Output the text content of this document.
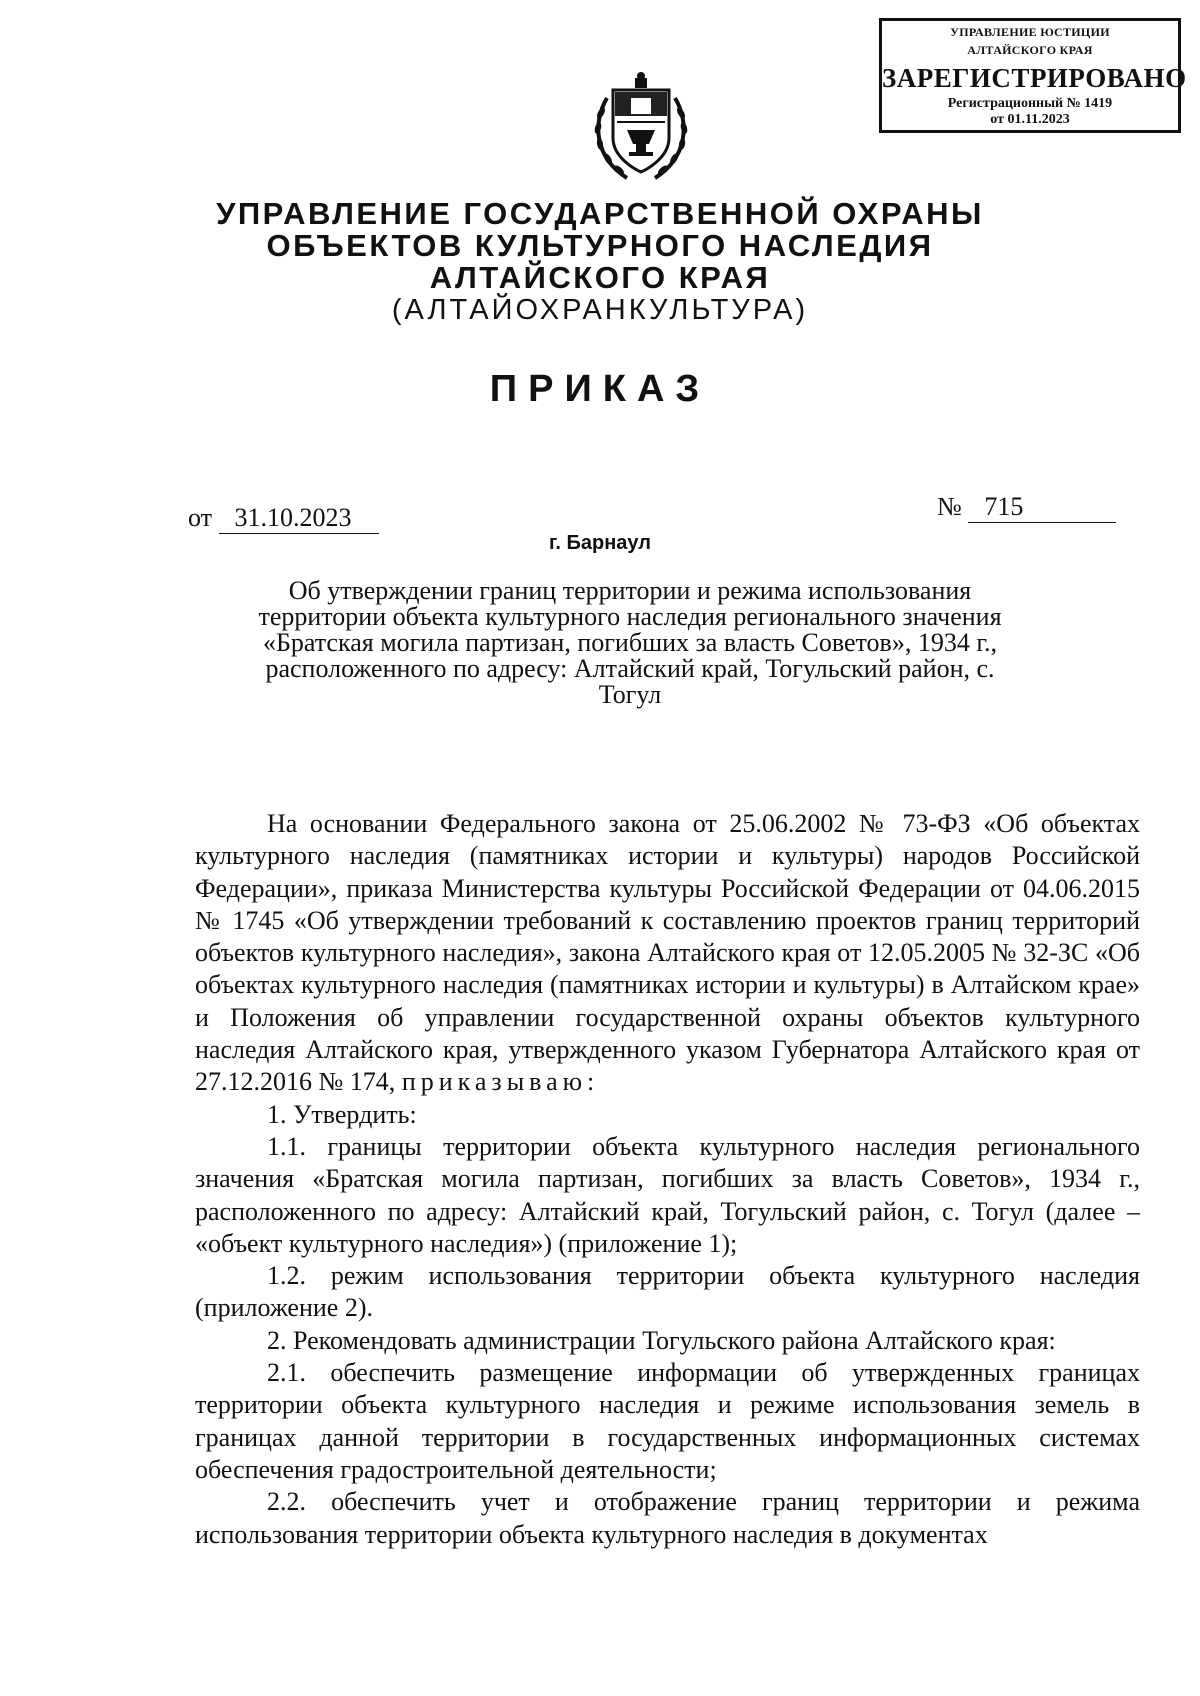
УПРАВЛЕНИЕ ЮСТИЦИИ
АЛТАЙСКОГО КРАЯ
ЗАРЕГИСТРИРОВАНО
Регистрационный № 1419
от 01.11.2023
УПРАВЛЕНИЕ ГОСУДАРСТВЕННОЙ ОХРАНЫ
ОБЪЕКТОВ КУЛЬТУРНОГО НАСЛЕДИЯ
АЛТАЙСКОГО КРАЯ
(АЛТАЙОХРАНКУЛЬТУРА)
ПРИКАЗ
от 31.10.2023	№ 715
г. Барнаул
Об утверждении границ территории и режима использования территории объекта культурного наследия регионального значения «Братская могила партизан, погибших за власть Советов», 1934 г., расположенного по адресу: Алтайский край, Тогульский район, с. Тогул

На основании Федерального закона от 25.06.2002 № 73-ФЗ «Об объектах культурного наследия (памятниках истории и культуры) народов Российской Федерации», приказа Министерства культуры Российской Федерации от 04.06.2015 № 1745 «Об утверждении требований к составлению проектов границ территорий объектов культурного наследия», закона Алтайского края от 12.05.2005 № 32-ЗС «Об объектах культурного наследия (памятниках истории и культуры) в Алтайском крае» и Положения об управлении государственной охраны объектов культурного наследия Алтайского края, утвержденного указом Губернатора Алтайского края от 27.12.2016 № 174, приказываю:

1. Утвердить:

1.1. границы территории объекта культурного наследия регионального значения «Братская могила партизан, погибших за власть Советов», 1934 г., расположенного по адресу: Алтайский край, Тогульский район, с. Тогул (далее – «объект культурного наследия») (приложение 1);

1.2. режим использования территории объекта культурного наследия (приложение 2).

2. Рекомендовать администрации Тогульского района Алтайского края:

2.1. обеспечить размещение информации об утвержденных границах территории объекта культурного наследия и режиме использования земель в границах данной территории в государственных информационных системах обеспечения градостроительной деятельности;

2.2. обеспечить учет и отображение границ территории и режима использования территории объекта культурного наследия в документах
